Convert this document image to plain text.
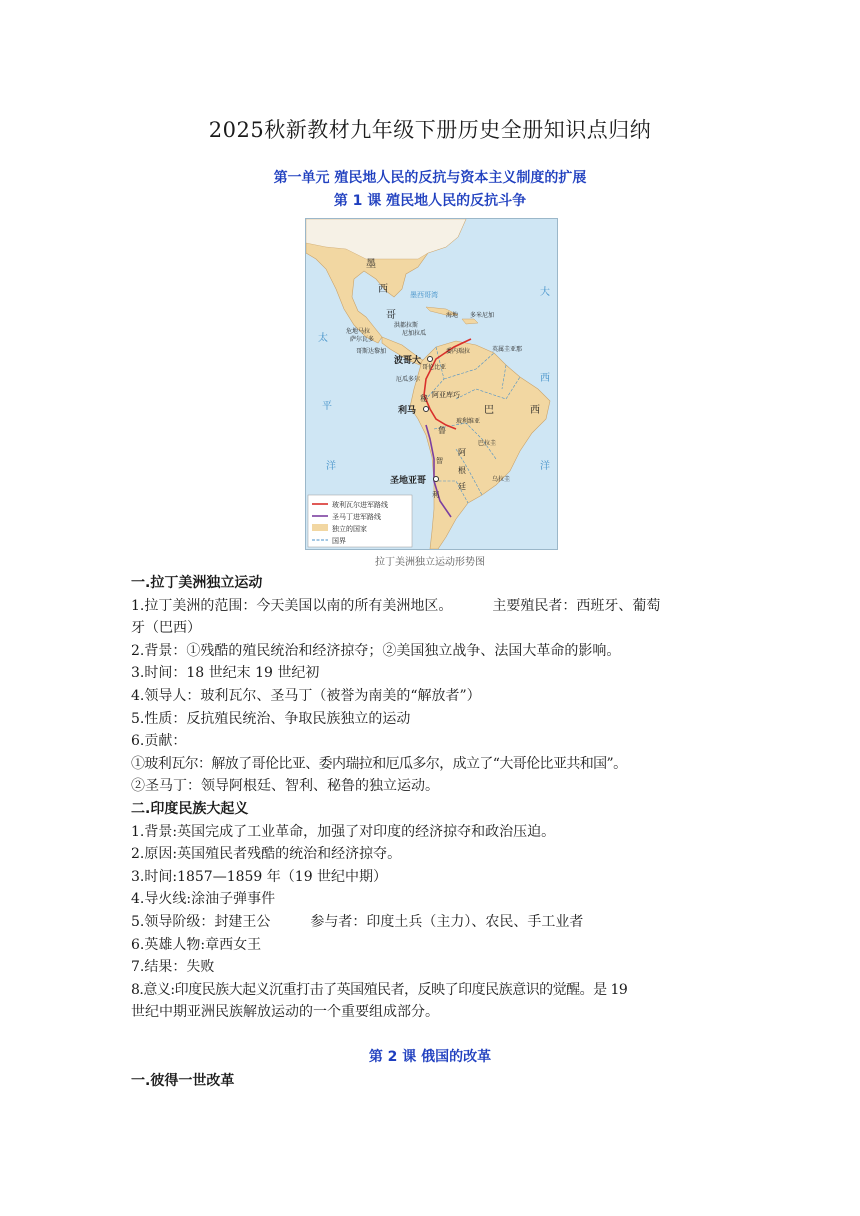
2025秋新教材九年级下册历史全册知识点归纳
第一单元 殖民地人民的反抗与资本主义制度的扩展
第 1 课 殖民地人民的反抗斗争
墨
西
哥
墨西哥湾
太
平
洋
大
西
洋
海地 多米尼加
洪都拉斯
危地马拉
萨尔瓦多
尼加拉瓜
哥斯达黎加
波哥大
委内瑞拉	英属圭亚那
厄瓜多尔
哥伦比亚
利马
秘
鲁
阿亚库巧
巴	西
玻利维亚
巴拉圭
阿
根
廷
智
利
圣地亚哥	乌拉圭
玻利瓦尔进军路线
圣马丁进军路线
独立的国家
国界
拉丁美洲独立运动形势图
一.拉丁美洲独立运动
1.拉丁美洲的范围：今天美国以南的所有美洲地区。	主要殖民者：西班牙、葡萄
牙（巴西）
2.背景：①残酷的殖民统治和经济掠夺；②美国独立战争、法国大革命的影响。
3.时间：18 世纪末 19 世纪初
4.领导人：玻利瓦尔、圣马丁（被誉为南美的“解放者”）
5.性质：反抗殖民统治、争取民族独立的运动
6.贡献：
①玻利瓦尔：解放了哥伦比亚、委内瑞拉和厄瓜多尔，成立了“大哥伦比亚共和国”。
②圣马丁：领导阿根廷、智利、秘鲁的独立运动。
二.印度民族大起义
1.背景:英国完成了工业革命，加强了对印度的经济掠夺和政治压迫。
2.原因:英国殖民者残酷的统治和经济掠夺。
3.时间:1857—1859 年（19 世纪中期）
4.导火线:涂油子弹事件
5.领导阶级：封建王公	参与者：印度土兵（主力）、农民、手工业者
6.英雄人物:章西女王
7.结果：失败
8.意义:印度民族大起义沉重打击了英国殖民者，反映了印度民族意识的觉醒。是 19
世纪中期亚洲民族解放运动的一个重要组成部分。
第 2 课 俄国的改革
一.彼得一世改革
